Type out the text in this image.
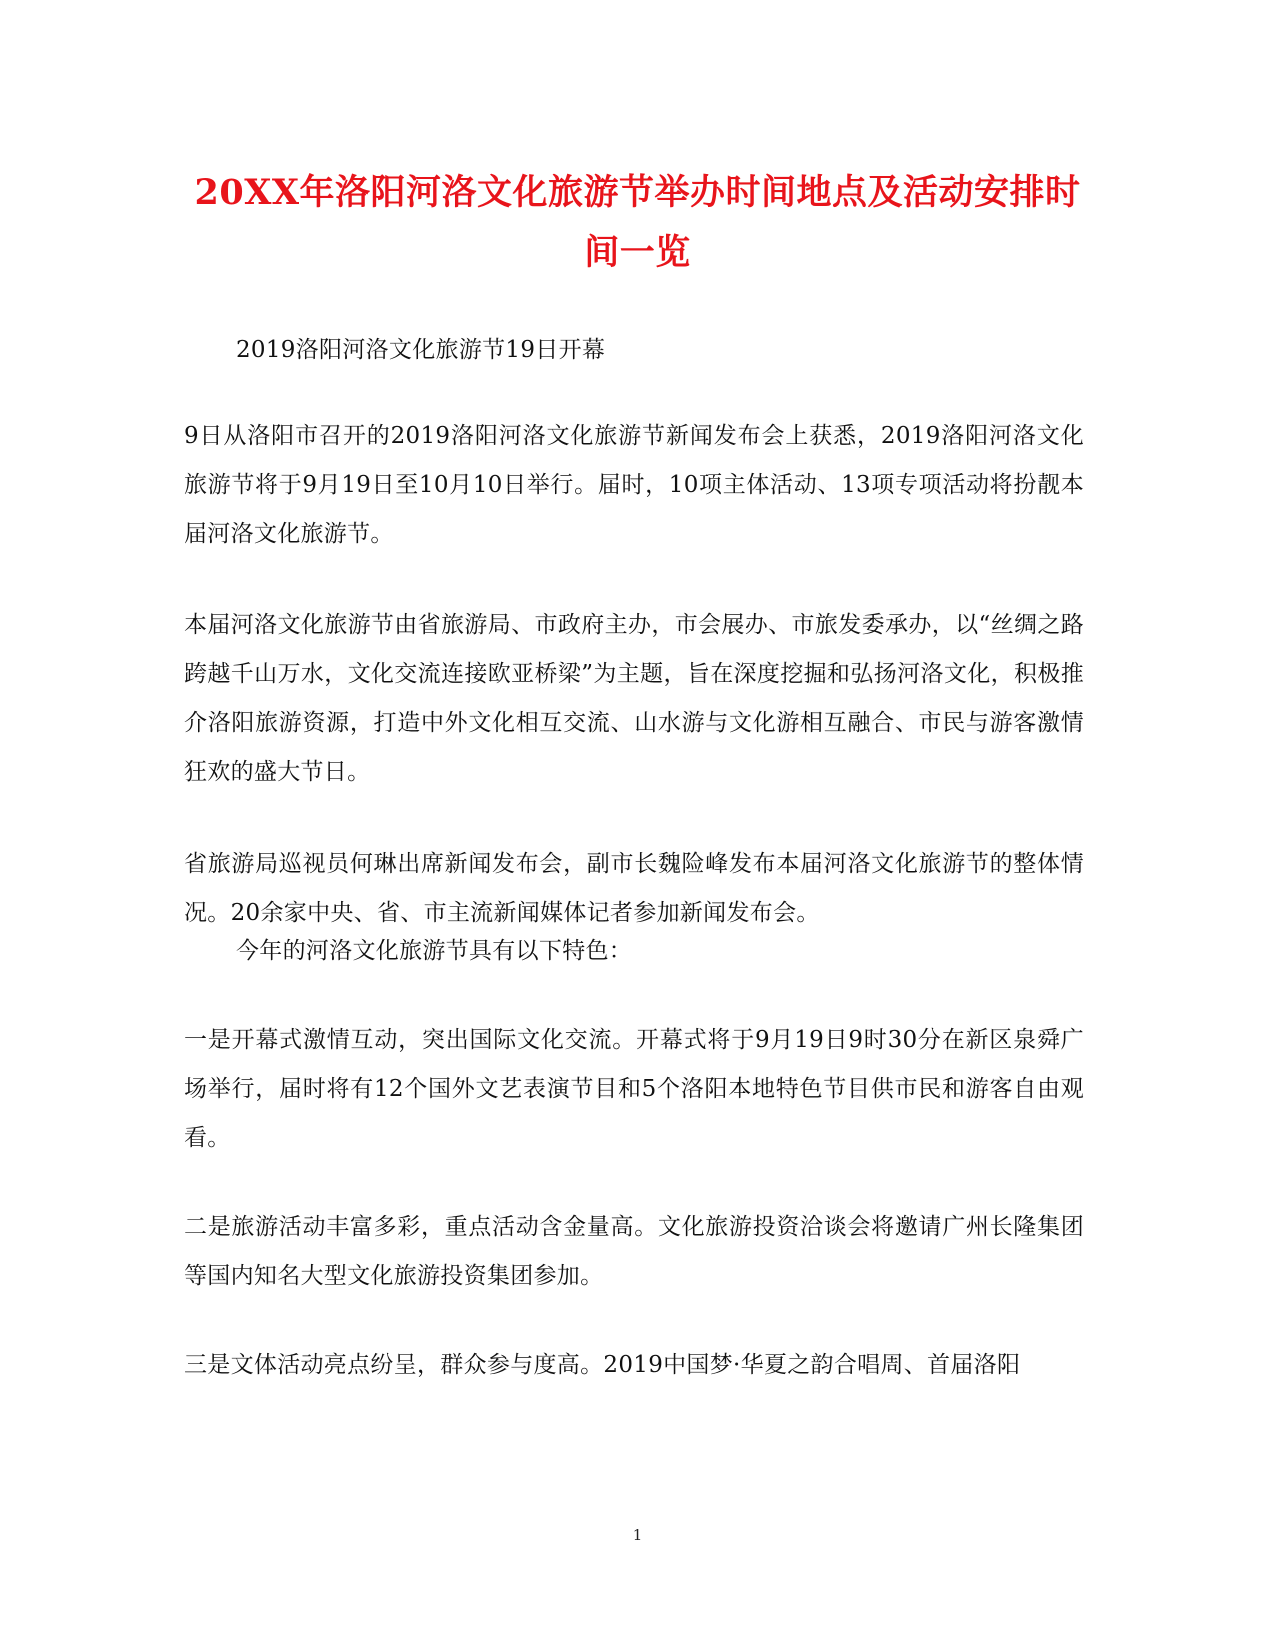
20XX年洛阳河洛文化旅游节举办时间地点及活动安排时间一览
2019洛阳河洛文化旅游节19日开幕
9日从洛阳市召开的2019洛阳河洛文化旅游节新闻发布会上获悉，2019洛阳河洛文化旅游节将于9月19日至10月10日举行。届时，10项主体活动、13项专项活动将扮靓本届河洛文化旅游节。
本届河洛文化旅游节由省旅游局、市政府主办，市会展办、市旅发委承办，以“丝绸之路跨越千山万水，文化交流连接欧亚桥梁”为主题，旨在深度挖掘和弘扬河洛文化，积极推介洛阳旅游资源，打造中外文化相互交流、山水游与文化游相互融合、市民与游客激情狂欢的盛大节日。
省旅游局巡视员何琳出席新闻发布会，副市长魏险峰发布本届河洛文化旅游节的整体情况。20余家中央、省、市主流新闻媒体记者参加新闻发布会。
今年的河洛文化旅游节具有以下特色：
一是开幕式激情互动，突出国际文化交流。开幕式将于9月19日9时30分在新区泉舜广场举行，届时将有12个国外文艺表演节目和5个洛阳本地特色节目供市民和游客自由观看。
二是旅游活动丰富多彩，重点活动含金量高。文化旅游投资洽谈会将邀请广州长隆集团等国内知名大型文化旅游投资集团参加。
三是文体活动亮点纷呈，群众参与度高。2019中国梦·华夏之韵合唱周、首届洛阳
1
